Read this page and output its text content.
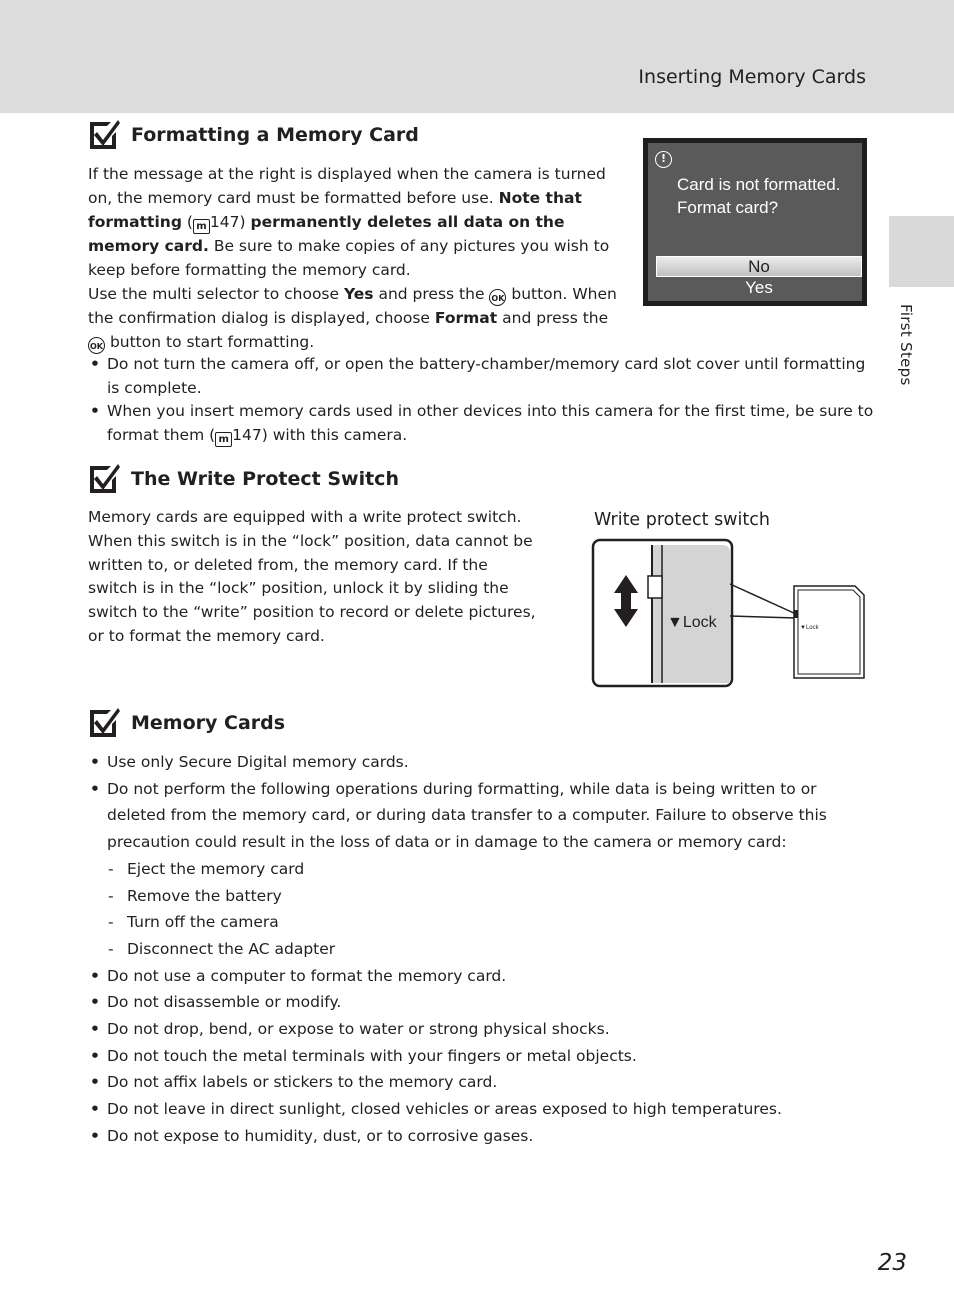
Inserting Memory Cards
First Steps
Formatting a Memory Card
If the message at the right is displayed when the camera is turned
on, the memory card must be formatted before use. Note that
formatting ( m 147) permanently deletes all data on the
memory card. Be sure to make copies of any pictures you wish to
keep before formatting the memory card.
Use the multi selector to choose Yes and press the OK button. When
the confirmation dialog is displayed, choose Format and press the
OK button to start formatting.
• Do not turn the camera off, or open the battery-chamber/memory card slot cover until formatting
is complete.
• When you insert memory cards used in other devices into this camera for the first time, be sure to
format them ( m 147) with this camera.
!
Card is not formatted.
Format card?
No
Yes
The Write Protect Switch
Memory cards are equipped with a write protect switch.
When this switch is in the “lock” position, data cannot be
written to, or deleted from, the memory card. If the
switch is in the “lock” position, unlock it by sliding the
switch to the “write” position to record or delete pictures,
or to format the memory card.
Write protect switch
▼Lock	▼Lock
Memory Cards
• Use only Secure Digital memory cards.
• Do not perform the following operations during formatting, while data is being written to or
deleted from the memory card, or during data transfer to a computer. Failure to observe this
precaution could result in the loss of data or in damage to the camera or memory card:
- Eject the memory card
- Remove the battery
- Turn off the camera
- Disconnect the AC adapter
• Do not use a computer to format the memory card.
• Do not disassemble or modify.
• Do not drop, bend, or expose to water or strong physical shocks.
• Do not touch the metal terminals with your fingers or metal objects.
• Do not affix labels or stickers to the memory card.
• Do not leave in direct sunlight, closed vehicles or areas exposed to high temperatures.
• Do not expose to humidity, dust, or to corrosive gases.
23
